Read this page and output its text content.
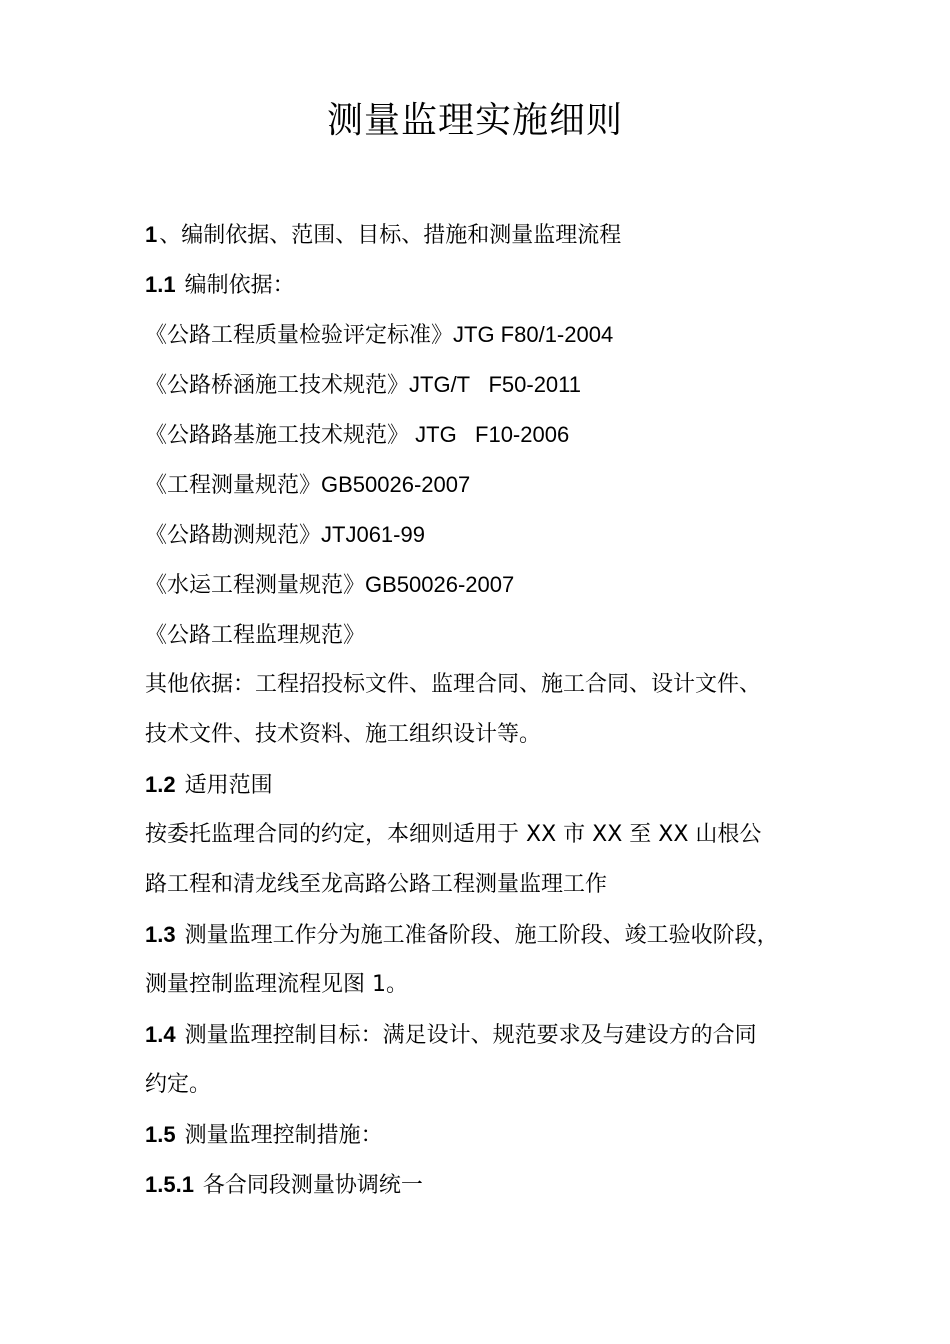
测量监理实施细则
1、编制依据、范围、目标、措施和测量监理流程
1.1 编制依据：
《公路工程质量检验评定标准》JTG F80/1-2004
《公路桥涵施工技术规范》JTG/T   F50-2011
《公路路基施工技术规范》 JTG   F10-2006
《工程测量规范》GB50026-2007
《公路勘测规范》JTJ061-99
《水运工程测量规范》GB50026-2007
《公路工程监理规范》
其他依据：工程招投标文件、监理合同、施工合同、设计文件、
技术文件、技术资料、施工组织设计等。
1.2 适用范围
按委托监理合同的约定，本细则适用于 XX 市 XX 至 XX 山根公
路工程和清龙线至龙高路公路工程测量监理工作
1.3 测量监理工作分为施工准备阶段、施工阶段、竣工验收阶段，
测量控制监理流程见图 1。
1.4 测量监理控制目标：满足设计、规范要求及与建设方的合同
约定。
1.5 测量监理控制措施：
1.5.1 各合同段测量协调统一
